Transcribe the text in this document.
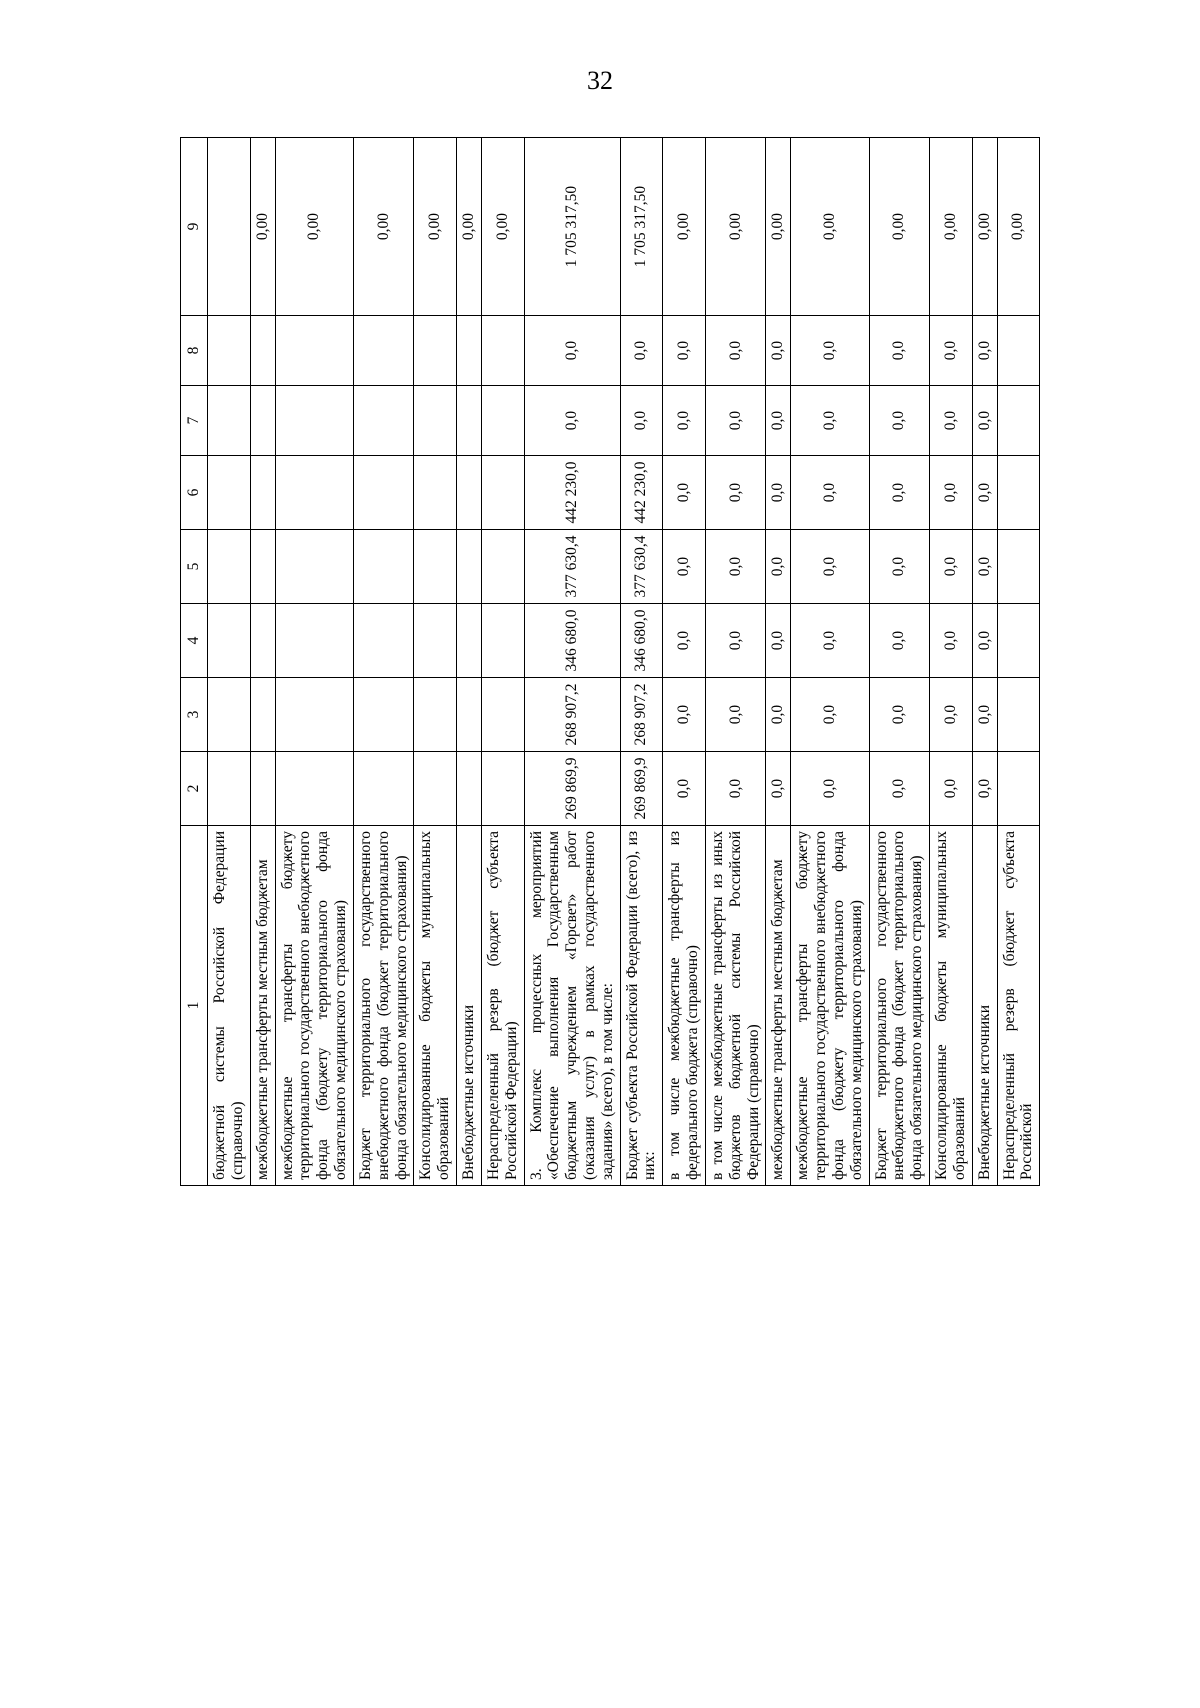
32
1	2	3	4	5	6	7	8	9
бюджетной системы Российской Федерации (справочно)								
межбюджетные трансферты местным бюджетам								0,00
межбюджетные трансферты бюджету территориального государственного внебюджетного фонда (бюджету территориального фонда обязательного медицинского страхования)								0,00
Бюджет территориального государственного внебюджетного фонда (бюджет территориального фонда обязательного медицинского страхования)								0,00
Консолидированные бюджеты муниципальных образований								0,00
Внебюджетные источники								0,00
Нераспределенный резерв (бюджет субъекта Российской Федерации)								0,00
3. Комплекс процессных мероприятий «Обеспечение выполнения Государственным бюджетным учреждением «Горсвет» работ (оказания услуг) в рамках государственного задания» (всего), в том числе:	269 869,9	268 907,2	346 680,0	377 630,4	442 230,0	0,0	0,0	1 705 317,50
Бюджет субъекта Российской Федерации (всего), из них:	269 869,9	268 907,2	346 680,0	377 630,4	442 230,0	0,0	0,0	1 705 317,50
в том числе межбюджетные трансферты из федерального бюджета (справочно)	0,0	0,0	0,0	0,0	0,0	0,0	0,0	0,00
в том числе межбюджетные трансферты из иных бюджетов бюджетной системы Российской Федерации (справочно)	0,0	0,0	0,0	0,0	0,0	0,0	0,0	0,00
межбюджетные трансферты местным бюджетам	0,0	0,0	0,0	0,0	0,0	0,0	0,0	0,00
межбюджетные трансферты бюджету территориального государственного внебюджетного фонда (бюджету территориального фонда обязательного медицинского страхования)	0,0	0,0	0,0	0,0	0,0	0,0	0,0	0,00
Бюджет территориального государственного внебюджетного фонда (бюджет территориального фонда обязательного медицинского страхования)	0,0	0,0	0,0	0,0	0,0	0,0	0,0	0,00
Консолидированные бюджеты муниципальных образований	0,0	0,0	0,0	0,0	0,0	0,0	0,0	0,00
Внебюджетные источники	0,0	0,0	0,0	0,0	0,0	0,0	0,0	0,00
Нераспределенный резерв (бюджет субъекта Российской								0,00
